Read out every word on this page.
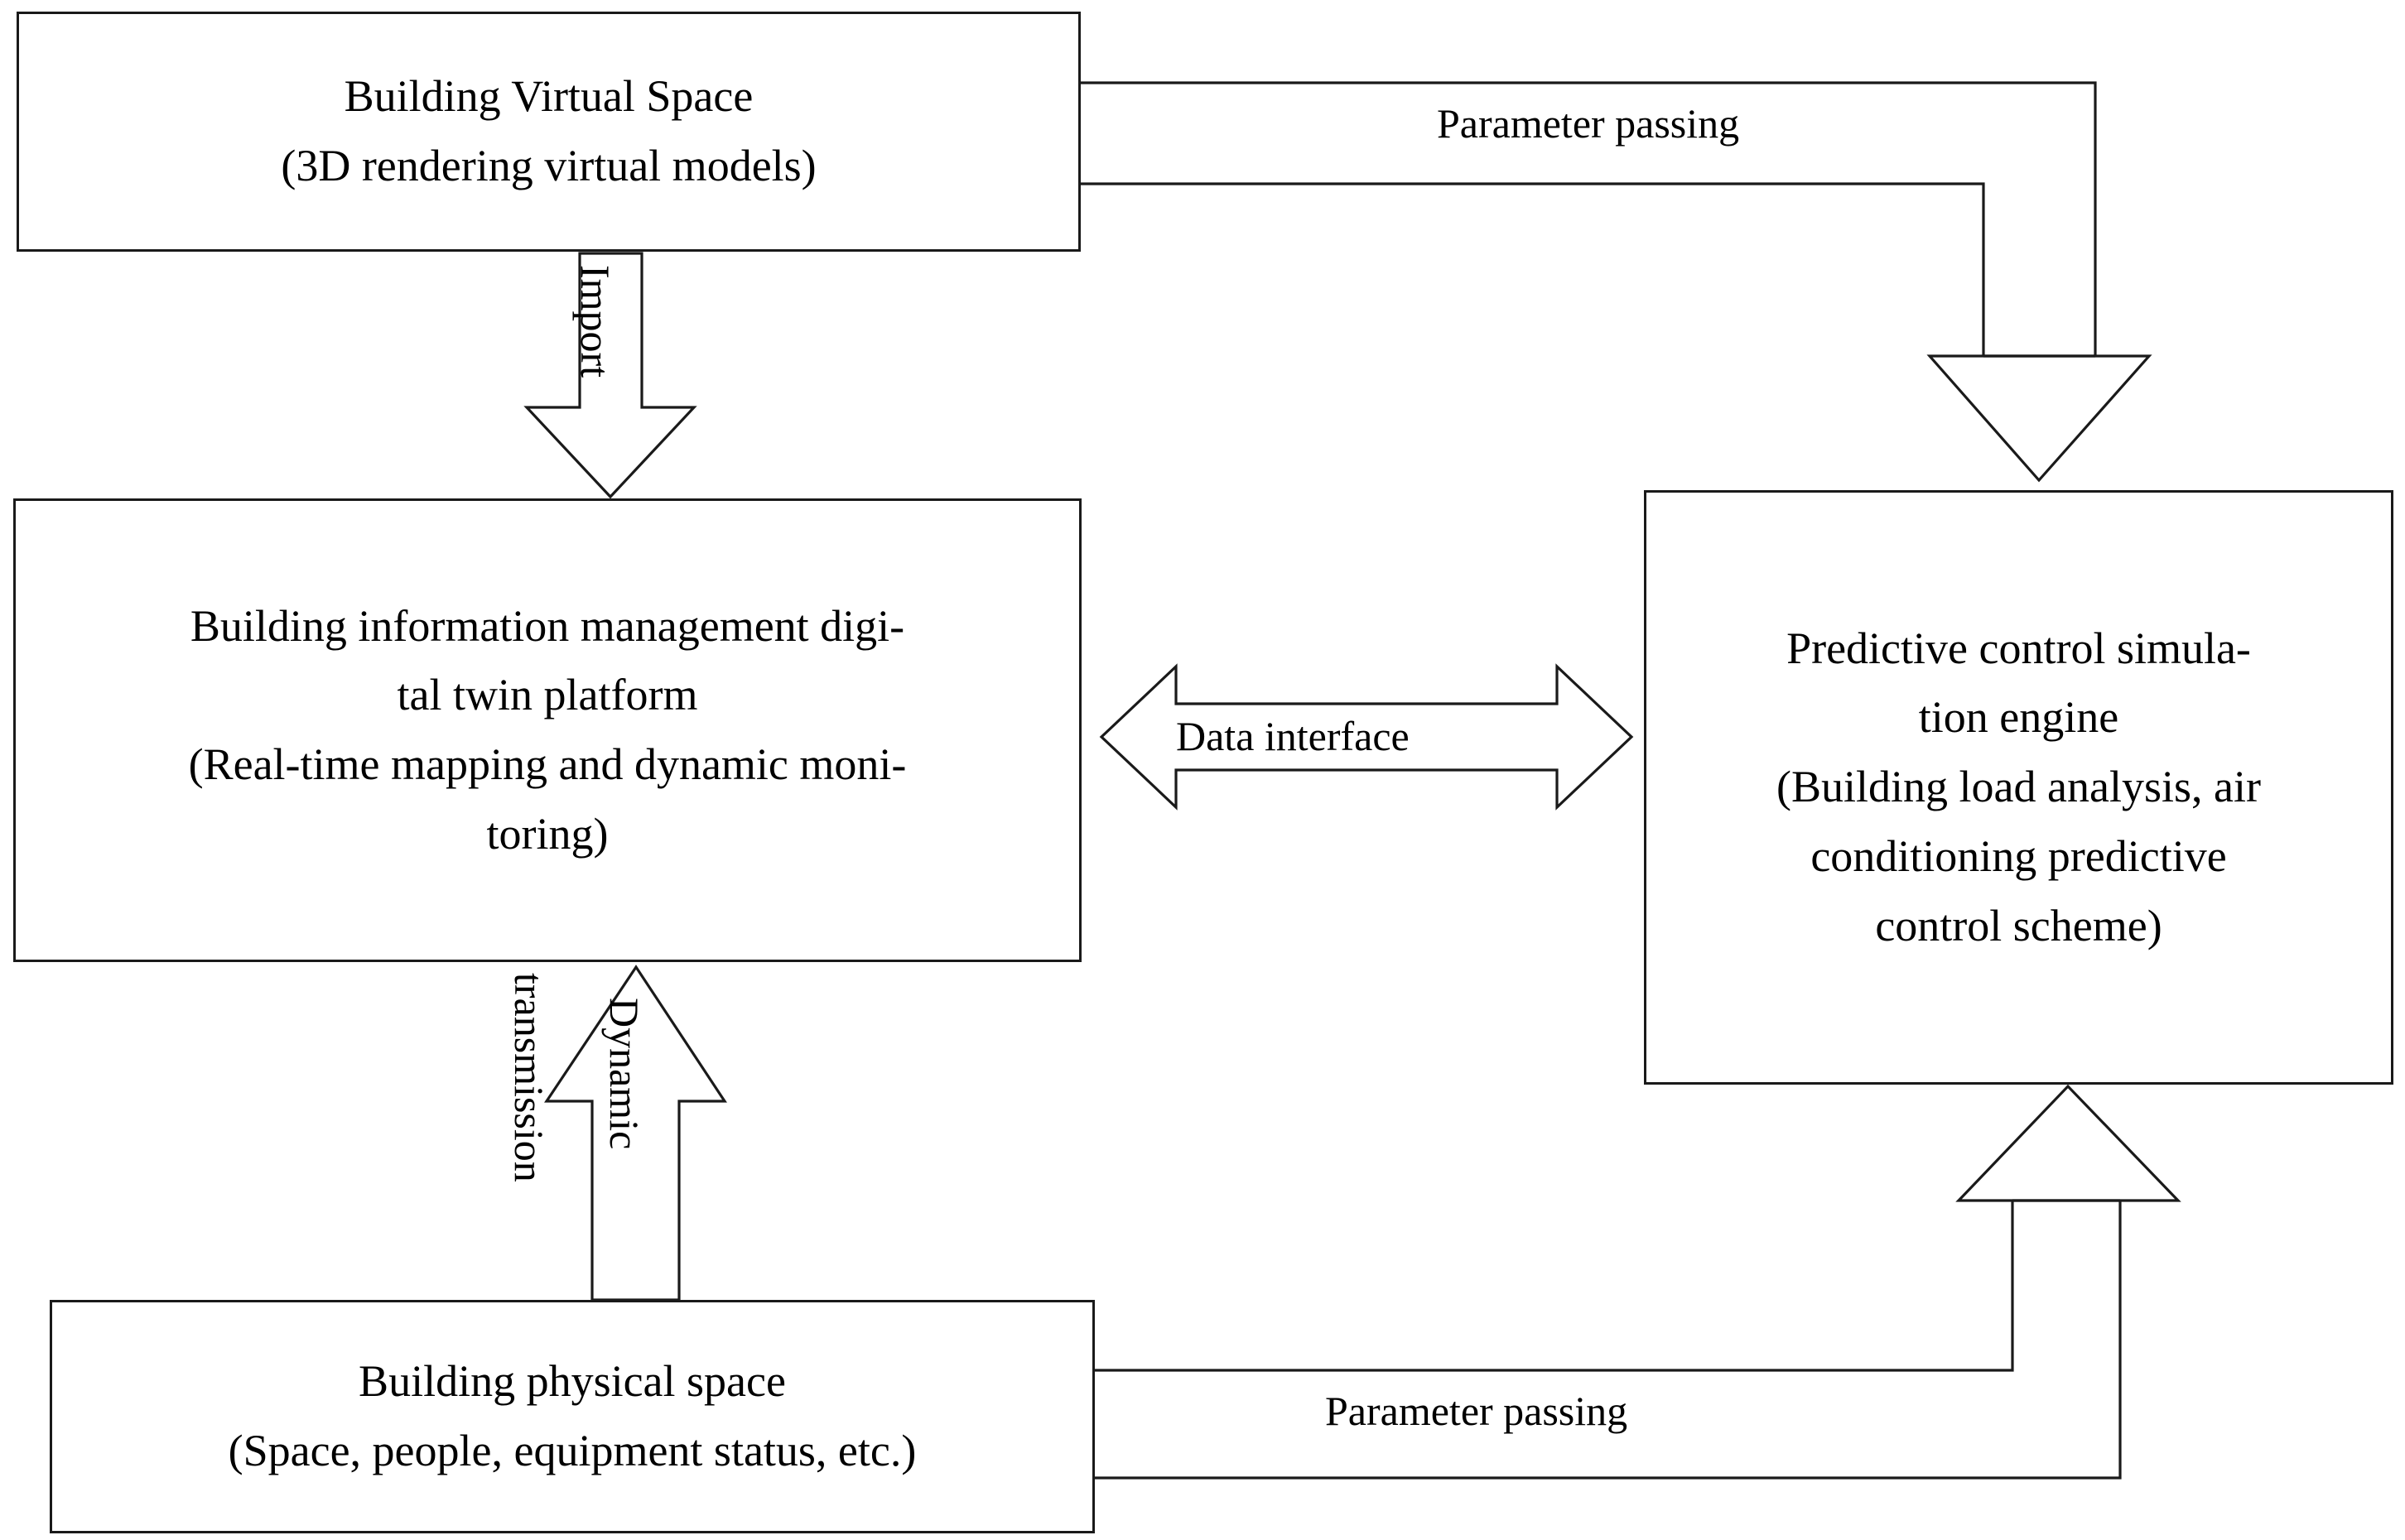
Building Virtual Space
(3D rendering virtual models)
Building information management digi-
tal twin platform
(Real-time mapping and dynamic moni-
toring)
Building physical space
(Space, people, equipment status, etc.)
Predictive control simula-
tion engine
(Building load analysis, air
conditioning predictive
control scheme)
Parameter passing
Parameter passing
Data interface
Import
Dynamic
transmission
